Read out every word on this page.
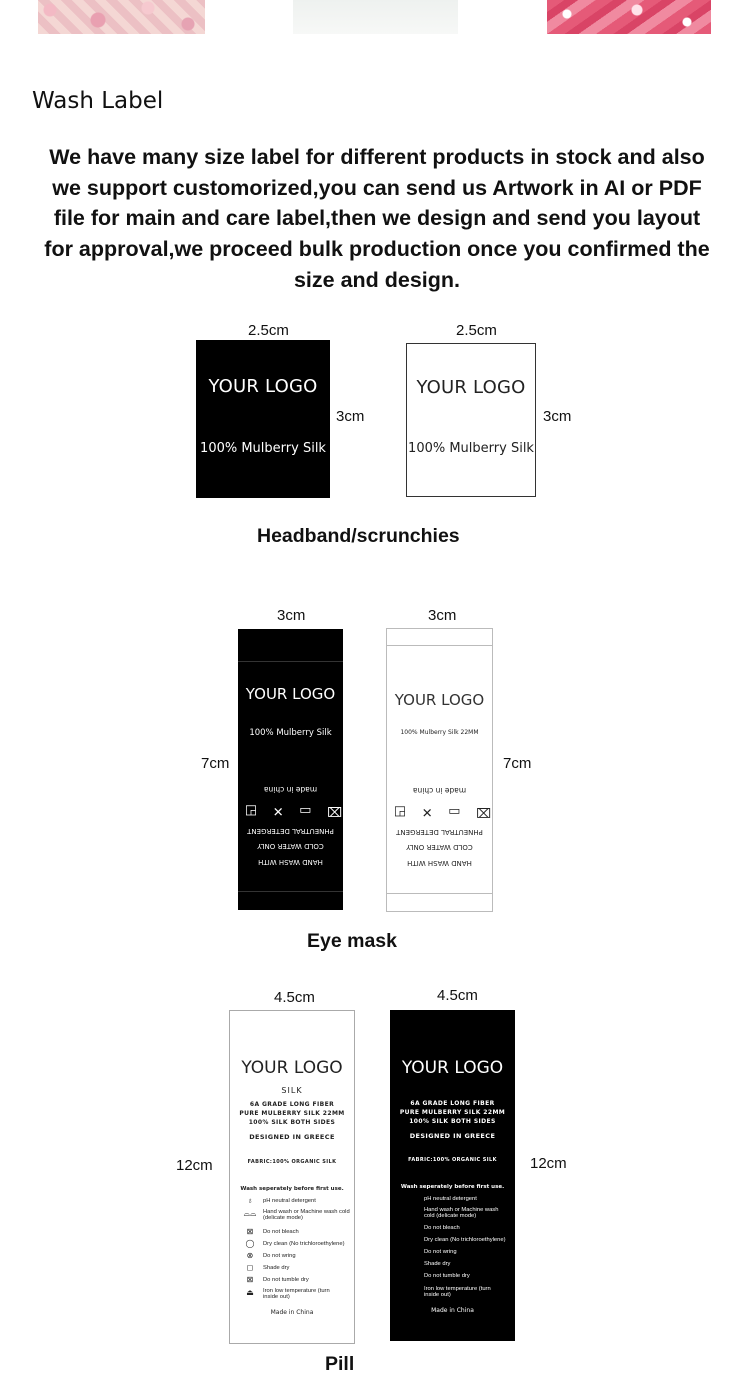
Wash Label
We have many size label for different products in stock and also we support customorized,you can send us Artwork in AI or PDF file for main and care label,then we design and send you layout for approval,we proceed bulk production once you confirmed the size and design.
2.5cm	2.5cm
YOUR LOGO
100% Mulberry Silk
3cm
YOUR LOGO
100% Mulberry Silk
3cm
Headband/scrunchies
3cm	3cm
7cm	7cm
YOUR LOGO
100% Mulberry Silk
made in china
⌧ ▭ ✕ ◰
PHNEUTRAL DETERGENT
COLD WATER ONLY
HAND WASH WITH
YOUR LOGO
100% Mulberry Silk 22MM
made in china
⌧ ▭ ✕ ◰
PHNEUTRAL DETERGENT
COLD WATER ONLY
HAND WASH WITH
Eye mask
4.5cm	4.5cm
12cm	12cm
YOUR LOGO
SILK
6A GRADE LONG FIBER
PURE MULBERRY SILK 22MM
100% SILK BOTH SIDES
DESIGNED IN GREECE
FABRIC:100% ORGANIC SILK
Wash seperately before first use.
♁	pH neutral detergent
⌓⌓	Hand wash or Machine wash cold (delicate mode)
⊠	Do not bleach
◯ Dry clean (No trichloroethylene)
⊗	Do not wring
◻	Shade dry
⊠	Do not tumble dry
⏏	Iron low temperature (turn inside out)
Made in China
YOUR LOGO
6A GRADE LONG FIBER
PURE MULBERRY SILK 22MM
100% SILK BOTH SIDES
DESIGNED IN GREECE
FABRIC:100% ORGANIC SILK
Wash seperately before first use.
pH neutral detergent
Hand wash or Machine wash cold (delicate mode)
Do not bleach
Dry clean (No trichloroethylene)
Do not wring
Shade dry
Do not tumble dry
Iron low temperature (turn inside out)
Made in China
Pill
